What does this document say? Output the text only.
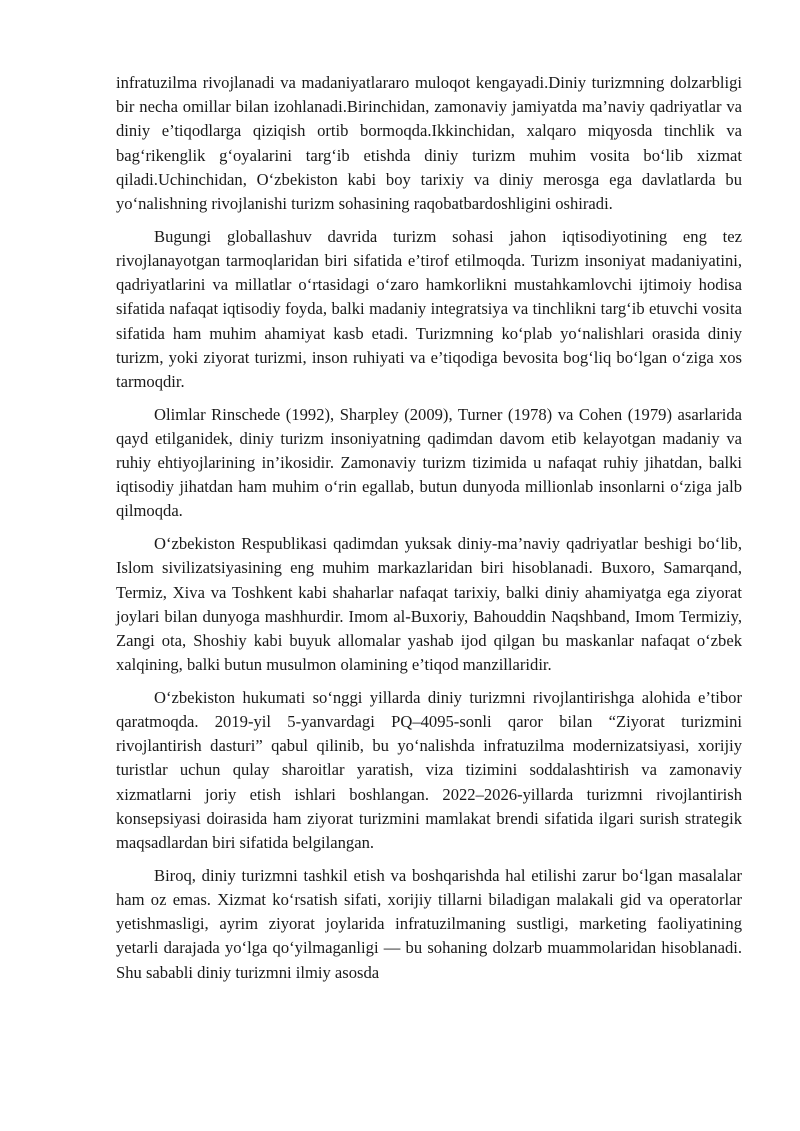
infratuzilma rivojlanadi va madaniyatlararo muloqot kengayadi.Diniy turizmning dolzarbligi bir necha omillar bilan izohlanadi.Birinchidan, zamonaviy jamiyatda ma’naviy qadriyatlar va diniy e’tiqodlarga qiziqish ortib bormoqda.Ikkinchidan, xalqaro miqyosda tinchlik va bag‘rikenglik g‘oyalarini targ‘ib etishda diniy turizm muhim vosita bo‘lib xizmat qiladi.Uchinchidan, O‘zbekiston kabi boy tarixiy va diniy merosga ega davlatlarda bu yo‘nalishning rivojlanishi turizm sohasining raqobatbardoshligini oshiradi.

Bugungi globallashuv davrida turizm sohasi jahon iqtisodiyotining eng tez rivojlanayotgan tarmoqlaridan biri sifatida e’tirof etilmoqda. Turizm insoniyat madaniyatini, qadriyatlarini va millatlar o‘rtasidagi o‘zaro hamkorlikni mustahkamlovchi ijtimoiy hodisa sifatida nafaqat iqtisodiy foyda, balki madaniy integratsiya va tinchlikni targ‘ib etuvchi vosita sifatida ham muhim ahamiyat kasb etadi. Turizmning ko‘plab yo‘nalishlari orasida diniy turizm, yoki ziyorat turizmi, inson ruhiyati va e’tiqodiga bevosita bog‘liq bo‘lgan o‘ziga xos tarmoqdir.

Olimlar Rinschede (1992), Sharpley (2009), Turner (1978) va Cohen (1979) asarlarida qayd etilganidek, diniy turizm insoniyatning qadimdan davom etib kelayotgan madaniy va ruhiy ehtiyojlarining in’ikosidir. Zamonaviy turizm tizimida u nafaqat ruhiy jihatdan, balki iqtisodiy jihatdan ham muhim o‘rin egallab, butun dunyoda millionlab insonlarni o‘ziga jalb qilmoqda.

O‘zbekiston Respublikasi qadimdan yuksak diniy-ma’naviy qadriyatlar beshigi bo‘lib, Islom sivilizatsiyasining eng muhim markazlaridan biri hisoblanadi. Buxoro, Samarqand, Termiz, Xiva va Toshkent kabi shaharlar nafaqat tarixiy, balki diniy ahamiyatga ega ziyorat joylari bilan dunyoga mashhurdir. Imom al-Buxoriy, Bahouddin Naqshband, Imom Termiziy, Zangi ota, Shoshiy kabi buyuk allomalar yashab ijod qilgan bu maskanlar nafaqat o‘zbek xalqining, balki butun musulmon olamining e’tiqod manzillaridir.

O‘zbekiston hukumati so‘nggi yillarda diniy turizmni rivojlantirishga alohida e’tibor qaratmoqda. 2019-yil 5-yanvardagi PQ–4095-sonli qaror bilan “Ziyorat turizmini rivojlantirish dasturi” qabul qilinib, bu yo‘nalishda infratuzilma modernizatsiyasi, xorijiy turistlar uchun qulay sharoitlar yaratish, viza tizimini soddalashtirish va zamonaviy xizmatlarni joriy etish ishlari boshlangan. 2022–2026-yillarda turizmni rivojlantirish konsepsiyasi doirasida ham ziyorat turizmini mamlakat brendi sifatida ilgari surish strategik maqsadlardan biri sifatida belgilangan.

Biroq, diniy turizmni tashkil etish va boshqarishda hal etilishi zarur bo‘lgan masalalar ham oz emas. Xizmat ko‘rsatish sifati, xorijiy tillarni biladigan malakali gid va operatorlar yetishmasligi, ayrim ziyorat joylarida infratuzilmaning sustligi, marketing faoliyatining yetarli darajada yo‘lga qo‘yilmaganligi — bu sohaning dolzarb muammolaridan hisoblanadi. Shu sababli diniy turizmni ilmiy asosda
